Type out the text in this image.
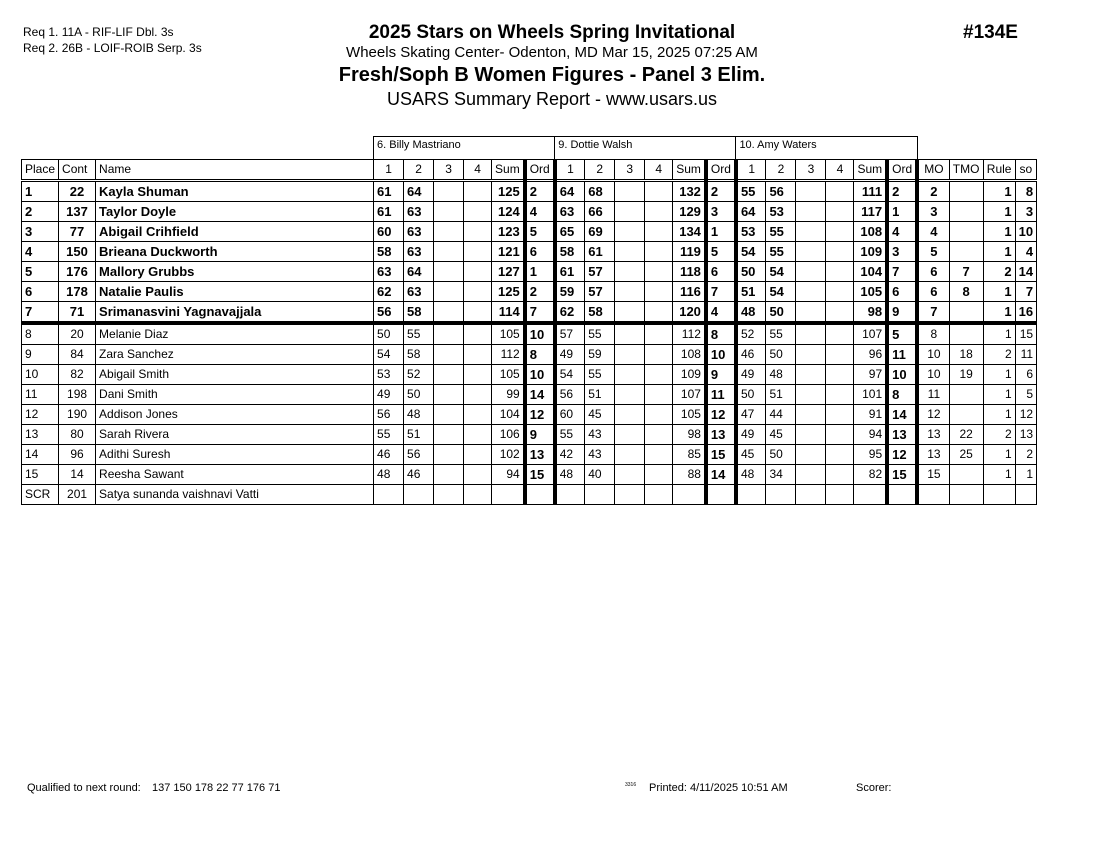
Req 1. 11A - RIF-LIF Dbl. 3s
Req 2. 26B - LOIF-ROIB Serp. 3s
2025 Stars on Wheels Spring Invitational
Wheels Skating Center- Odenton, MD Mar 15, 2025 07:25 AM
Fresh/Soph B Women Figures - Panel 3 Elim.
USARS Summary Report - www.usars.us
#134E
			6. Billy Mastriano						9. Dottie Walsh						10. Amy Waters									
Place	Cont	Name	1	2	3	4	Sum	Ord	1	2	3	4	Sum	Ord	1	2	3	4	Sum	Ord	MO	TMO	Rule	so
1	22	Kayla Shuman	61	64			125	2	64	68			132	2	55	56			111	2	2		1	8
2	137	Taylor Doyle	61	63			124	4	63	66			129	3	64	53			117	1	3		1	3
3	77	Abigail Crihfield	60	63			123	5	65	69			134	1	53	55			108	4	4		1	10
4	150	Brieana Duckworth	58	63			121	6	58	61			119	5	54	55			109	3	5		1	4
5	176	Mallory Grubbs	63	64			127	1	61	57			118	6	50	54			104	7	6	7	2	14
6	178	Natalie Paulis	62	63			125	2	59	57			116	7	51	54			105	6	6	8	1	7
7	71	Srimanasvini Yagnavajjala	56	58			114	7	62	58			120	4	48	50			98	9	7		1	16
8	20	Melanie Diaz	50	55			105	10	57	55			112	8	52	55			107	5	8		1	15
9	84	Zara Sanchez	54	58			112	8	49	59			108	10	46	50			96	11	10	18	2	11
10	82	Abigail Smith	53	52			105	10	54	55			109	9	49	48			97	10	10	19	1	6
11	198	Dani Smith	49	50			99	14	56	51			107	11	50	51			101	8	11		1	5
12	190	Addison Jones	56	48			104	12	60	45			105	12	47	44			91	14	12		1	12
13	80	Sarah Rivera	55	51			106	9	55	43			98	13	49	45			94	13	13	22	2	13
14	96	Adithi Suresh	46	56			102	13	42	43			85	15	45	50			95	12	13	25	1	2
15	14	Reesha Sawant	48	46			94	15	48	40			88	14	48	34			82	15	15		1	1
SCR	201	Satya sunanda vaishnavi Vatti																						
Qualified to next round: 137 150 178 22 77 176 71	3316 Printed: 4/11/2025 10:51 AM	Scorer:
